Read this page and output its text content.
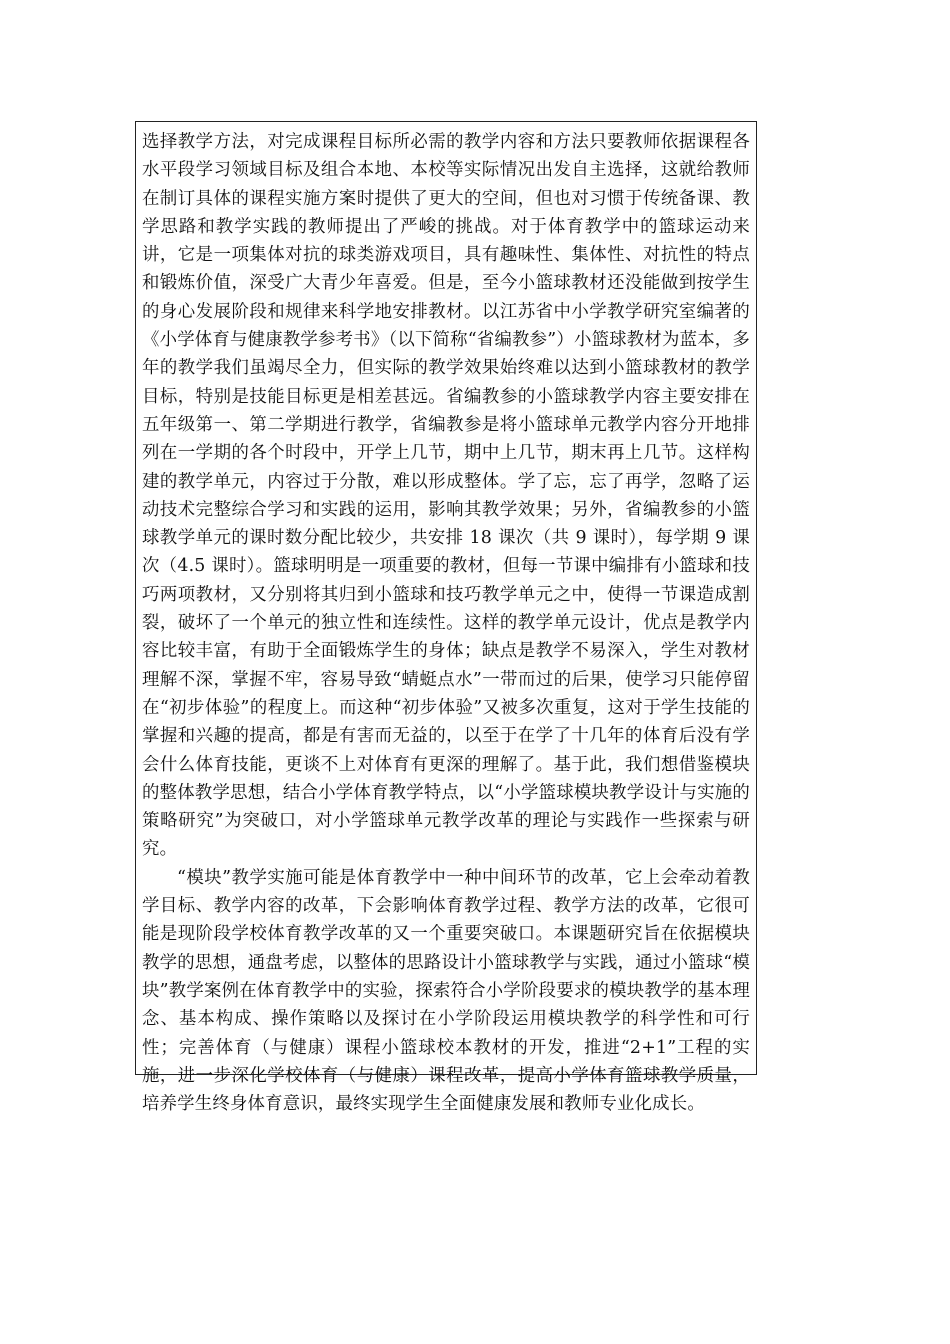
选择教学方法，对完成课程目标所必需的教学内容和方法只要教师依据课程各水平段学习领域目标及组合本地、本校等实际情况出发自主选择，这就给教师在制订具体的课程实施方案时提供了更大的空间，但也对习惯于传统备课、教学思路和教学实践的教师提出了严峻的挑战。对于体育教学中的篮球运动来讲，它是一项集体对抗的球类游戏项目，具有趣味性、集体性、对抗性的特点和锻炼价值，深受广大青少年喜爱。但是，至今小篮球教材还没能做到按学生的身心发展阶段和规律来科学地安排教材。以江苏省中小学教学研究室编著的《小学体育与健康教学参考书》（以下简称“省编教参”）小篮球教材为蓝本，多年的教学我们虽竭尽全力，但实际的教学效果始终难以达到小篮球教材的教学目标，特别是技能目标更是相差甚远。省编教参的小篮球教学内容主要安排在五年级第一、第二学期进行教学，省编教参是将小篮球单元教学内容分开地排列在一学期的各个时段中，开学上几节，期中上几节，期末再上几节。这样构建的教学单元，内容过于分散，难以形成整体。学了忘，忘了再学，忽略了运动技术完整综合学习和实践的运用，影响其教学效果；另外，省编教参的小篮球教学单元的课时数分配比较少，共安排 18 课次（共 9 课时），每学期 9 课次（4.5 课时）。篮球明明是一项重要的教材，但每一节课中编排有小篮球和技巧两项教材，又分别将其归到小篮球和技巧教学单元之中，使得一节课造成割裂，破坏了一个单元的独立性和连续性。这样的教学单元设计，优点是教学内容比较丰富，有助于全面锻炼学生的身体；缺点是教学不易深入，学生对教材理解不深，掌握不牢，容易导致“蜻蜓点水”一带而过的后果，使学习只能停留在“初步体验”的程度上。而这种“初步体验”又被多次重复，这对于学生技能的掌握和兴趣的提高，都是有害而无益的，以至于在学了十几年的体育后没有学会什么体育技能，更谈不上对体育有更深的理解了。基于此，我们想借鉴模块的整体教学思想，结合小学体育教学特点，以“小学篮球模块教学设计与实施的策略研究”为突破口，对小学篮球单元教学改革的理论与实践作一些探索与研究。

“模块”教学实施可能是体育教学中一种中间环节的改革，它上会牵动着教学目标、教学内容的改革，下会影响体育教学过程、教学方法的改革，它很可能是现阶段学校体育教学改革的又一个重要突破口。本课题研究旨在依据模块教学的思想，通盘考虑，以整体的思路设计小篮球教学与实践，通过小篮球“模块”教学案例在体育教学中的实验，探索符合小学阶段要求的模块教学的基本理念、基本构成、操作策略以及探讨在小学阶段运用模块教学的科学性和可行性；完善体育（与健康）课程小篮球校本教材的开发，推进“2+1”工程的实施，进一步深化学校体育（与健康）课程改革，提高小学体育篮球教学质量，培养学生终身体育意识，最终实现学生全面健康发展和教师专业化成长。
